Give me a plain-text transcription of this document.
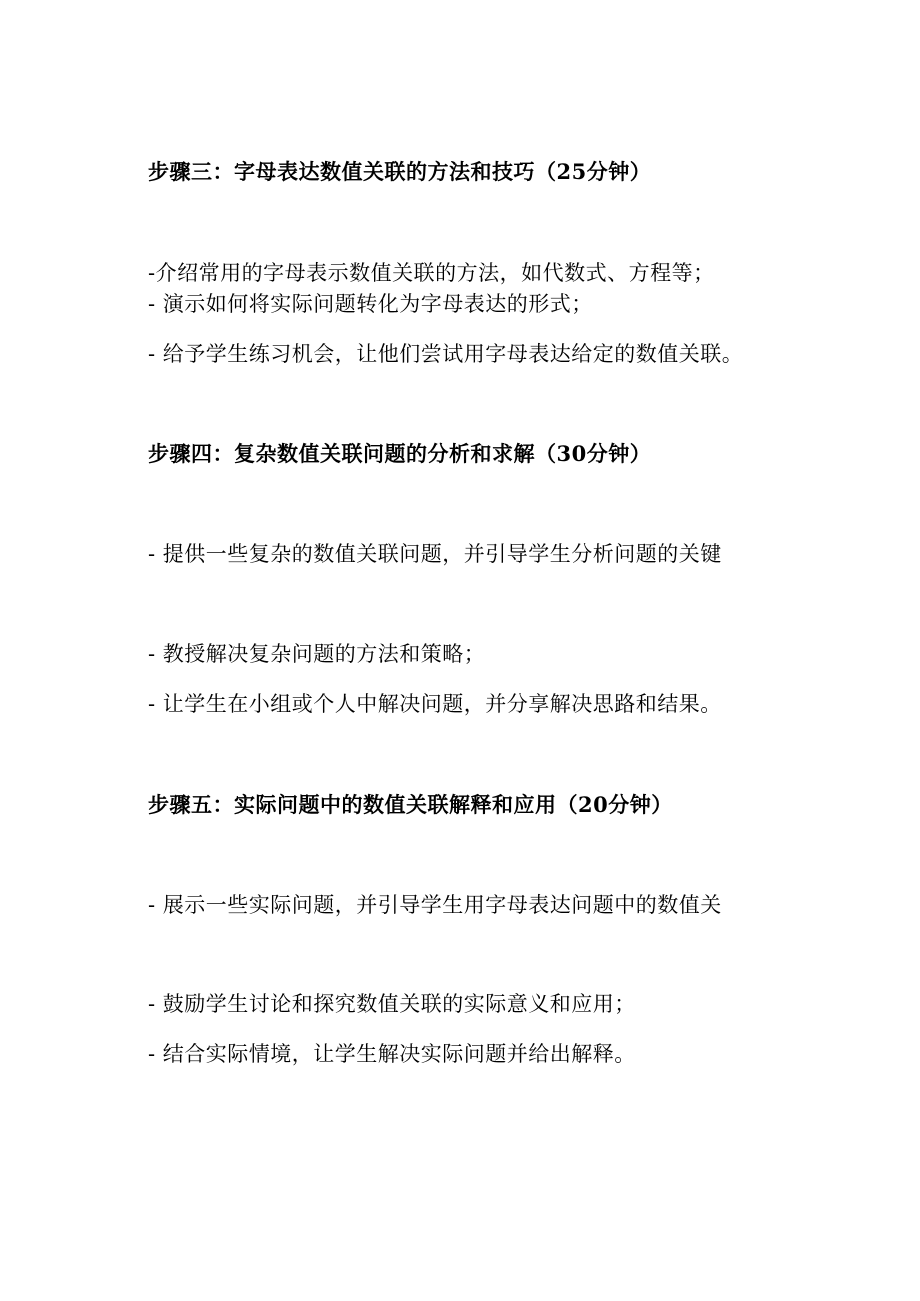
步骤三：字母表达数值关联的方法和技巧（25分钟）
-介绍常用的字母表示数值关联的方法，如代数式、方程等；
- 演示如何将实际问题转化为字母表达的形式；
- 给予学生练习机会，让他们尝试用字母表达给定的数值关联。
步骤四：复杂数值关联问题的分析和求解（30分钟）
- 提供一些复杂的数值关联问题，并引导学生分析问题的关键
- 教授解决复杂问题的方法和策略；
- 让学生在小组或个人中解决问题，并分享解决思路和结果。
步骤五：实际问题中的数值关联解释和应用（20分钟）
- 展示一些实际问题，并引导学生用字母表达问题中的数值关
- 鼓励学生讨论和探究数值关联的实际意义和应用；
- 结合实际情境，让学生解决实际问题并给出解释。
